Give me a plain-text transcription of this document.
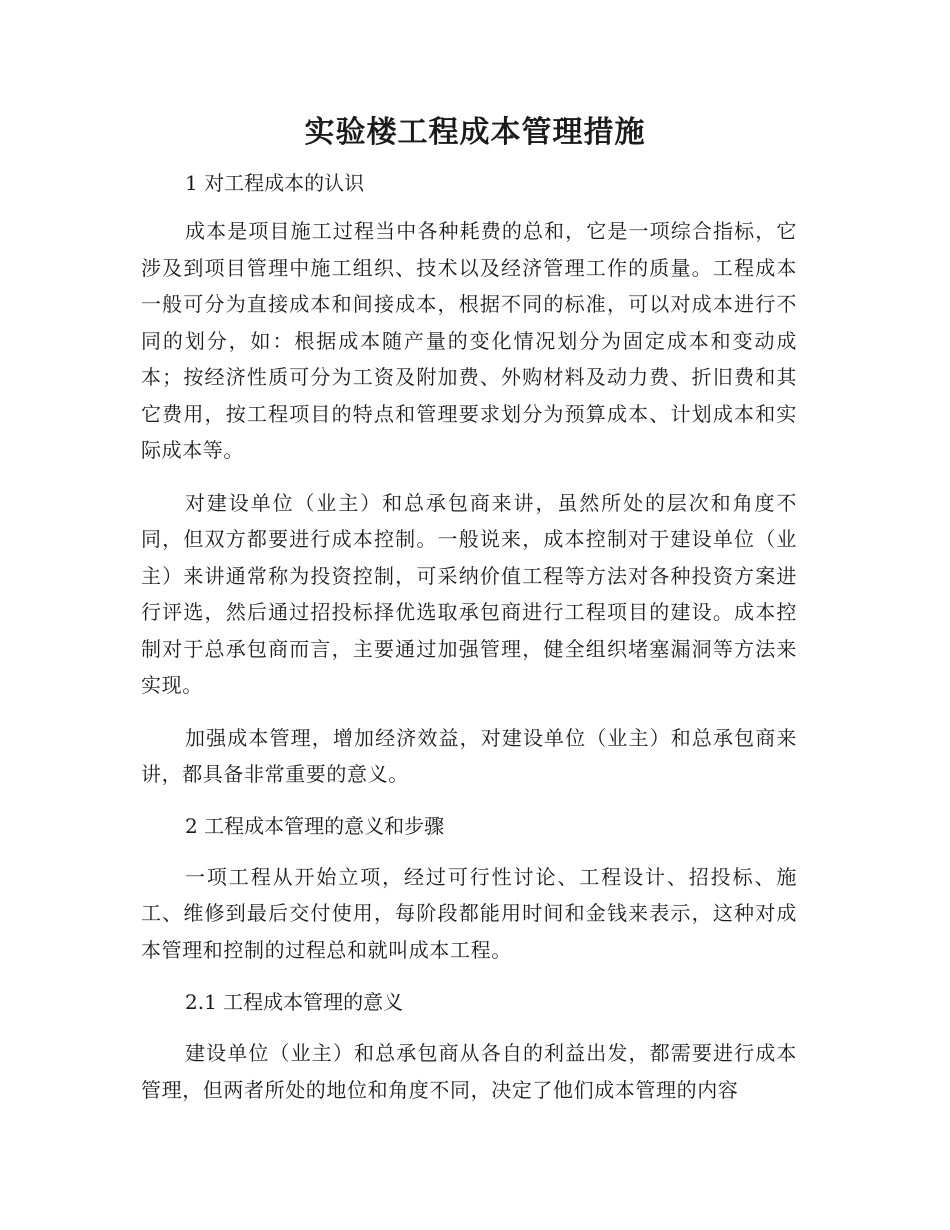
实验楼工程成本管理措施

1 对工程成本的认识

成本是项目施工过程当中各种耗费的总和，它是一项综合指标，它涉及到项目管理中施工组织、技术以及经济管理工作的质量。工程成本一般可分为直接成本和间接成本，根据不同的标准，可以对成本进行不同的划分，如：根据成本随产量的变化情况划分为固定成本和变动成本；按经济性质可分为工资及附加费、外购材料及动力费、折旧费和其它费用，按工程项目的特点和管理要求划分为预算成本、计划成本和实际成本等。

对建设单位（业主）和总承包商来讲，虽然所处的层次和角度不同，但双方都要进行成本控制。一般说来，成本控制对于建设单位（业主）来讲通常称为投资控制，可采纳价值工程等方法对各种投资方案进行评选，然后通过招投标择优选取承包商进行工程项目的建设。成本控制对于总承包商而言，主要通过加强管理，健全组织堵塞漏洞等方法来实现。

加强成本管理，增加经济效益，对建设单位（业主）和总承包商来讲，都具备非常重要的意义。

2 工程成本管理的意义和步骤

一项工程从开始立项，经过可行性讨论、工程设计、招投标、施工、维修到最后交付使用，每阶段都能用时间和金钱来表示，这种对成本管理和控制的过程总和就叫成本工程。

2.1 工程成本管理的意义

建设单位（业主）和总承包商从各自的利益出发，都需要进行成本管理，但两者所处的地位和角度不同，决定了他们成本管理的内容
